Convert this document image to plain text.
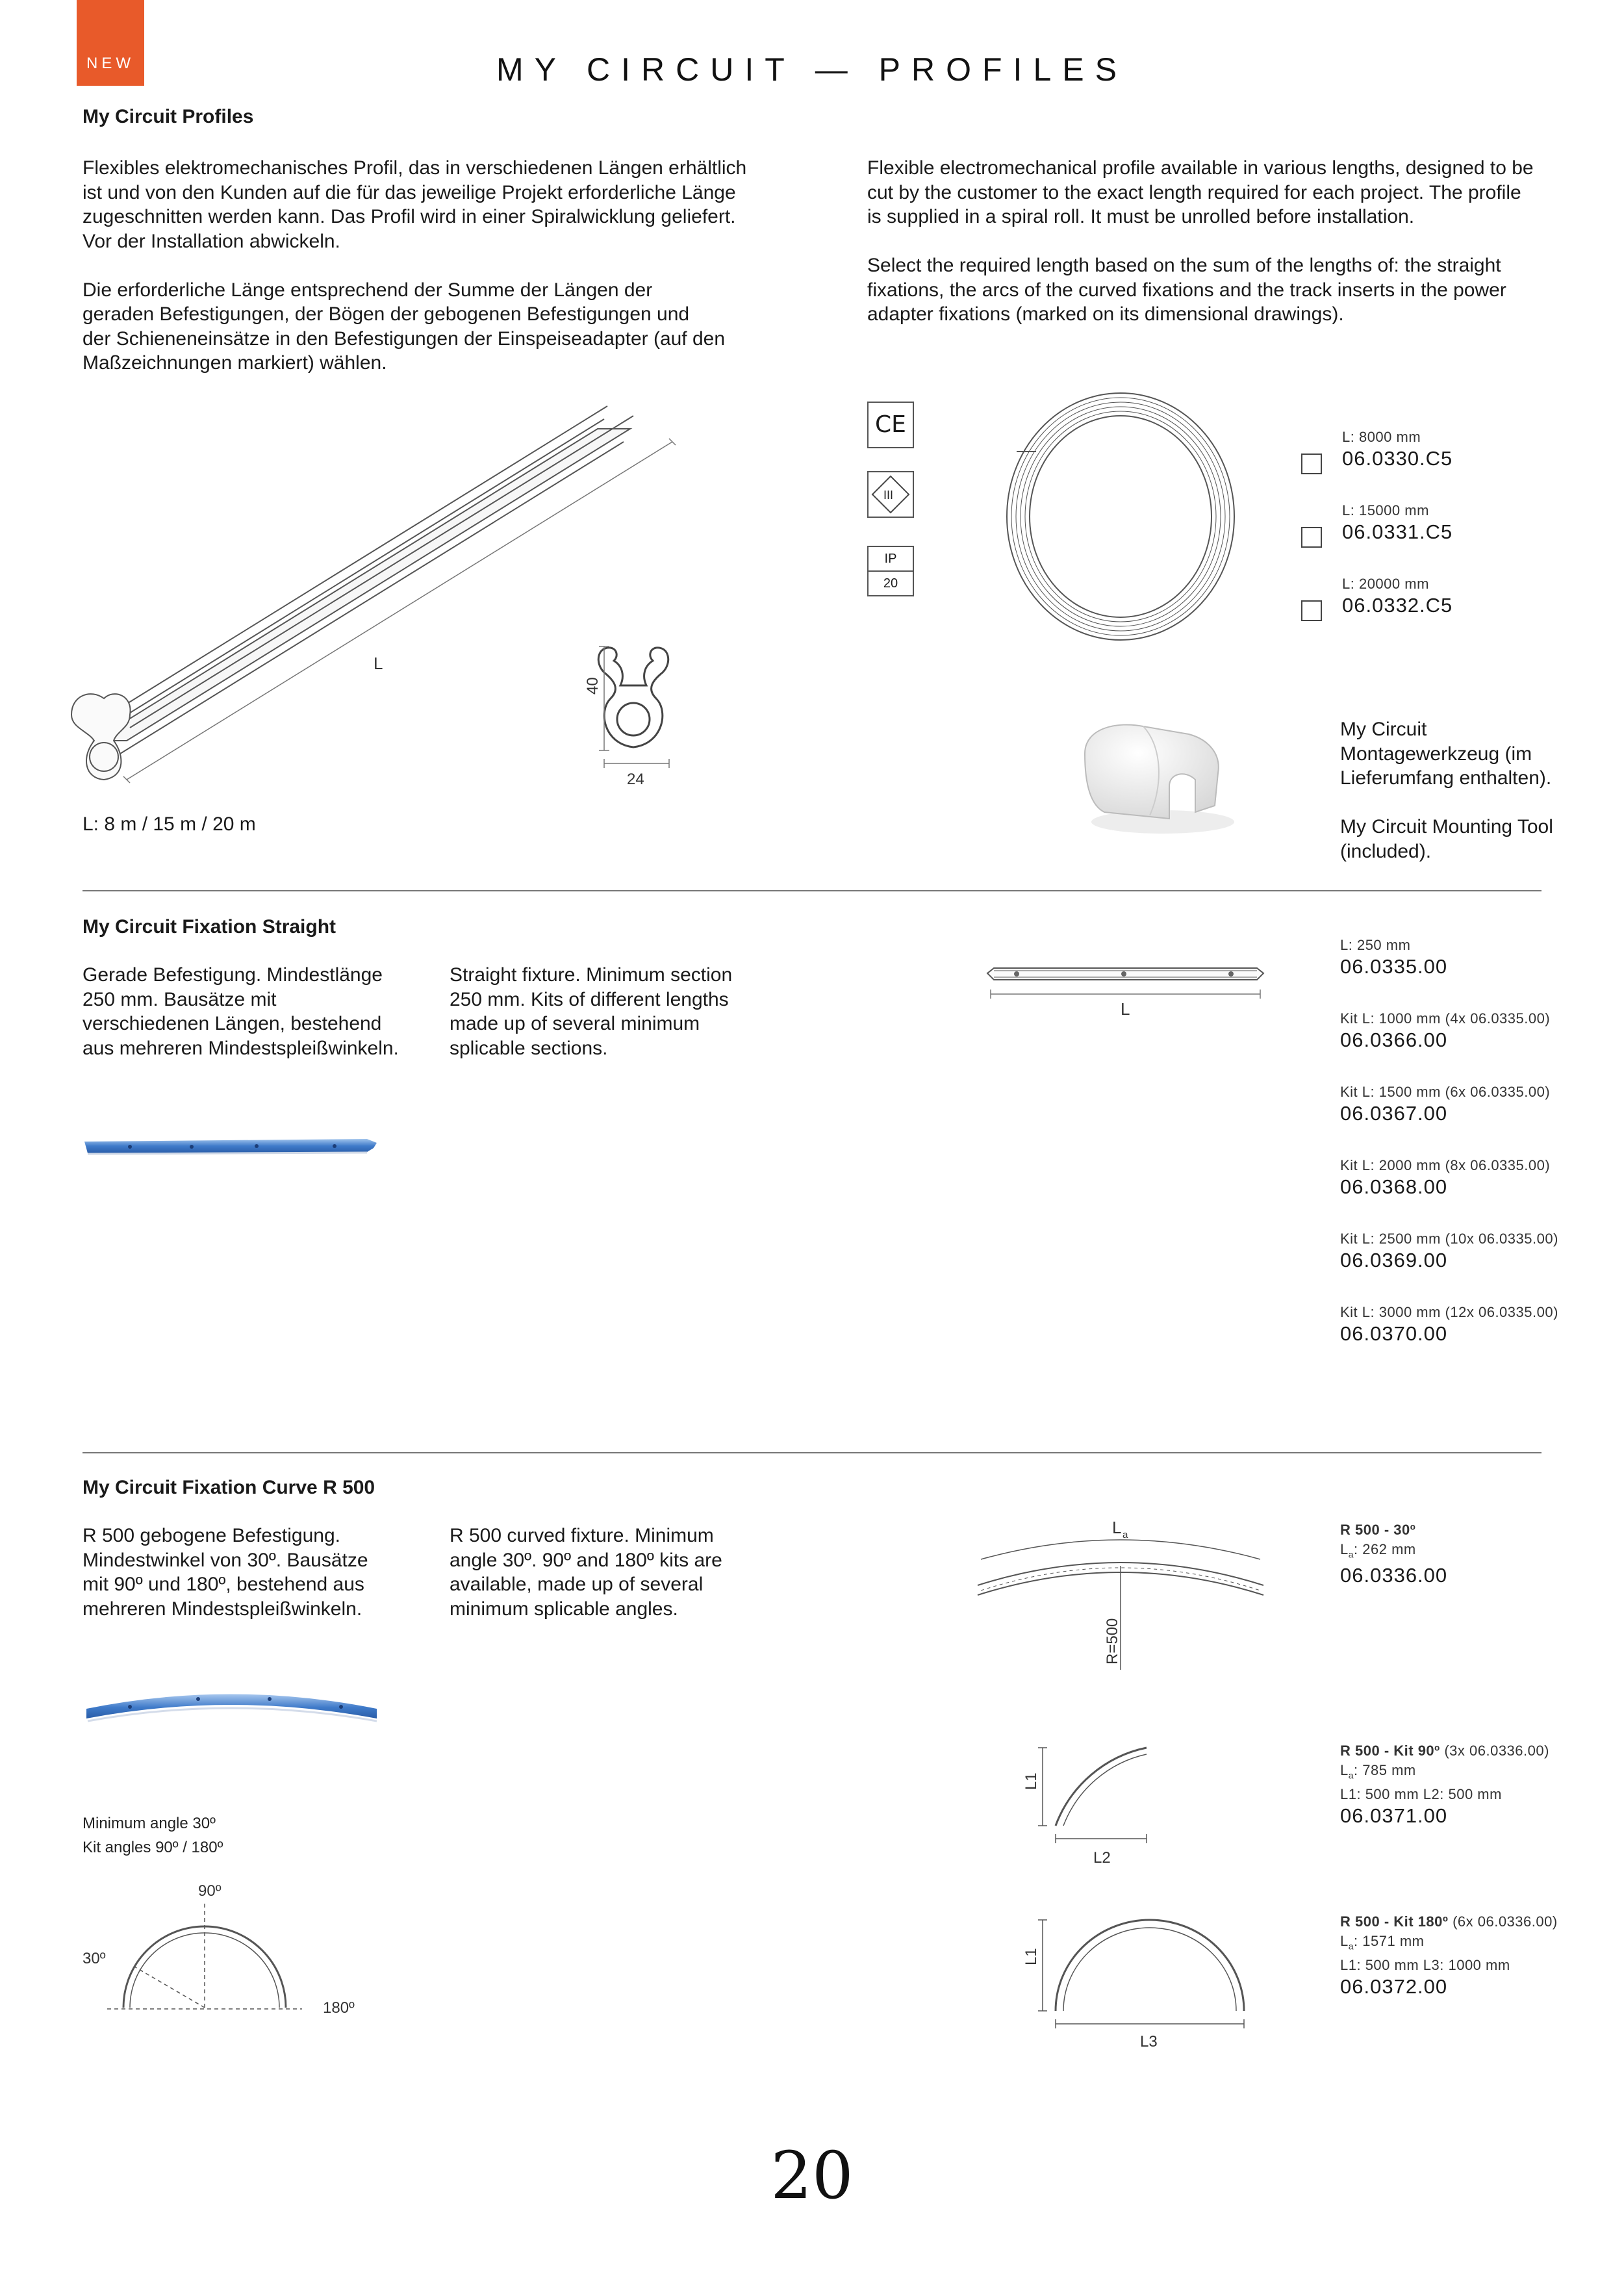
NEW	MY CIRCUIT — PROFILES
My Circuit Profiles

Flexibles elektromechanisches Profil, das in verschiedenen Längen erhältlich
ist und von den Kunden auf die für das jeweilige Projekt erforderliche Länge
zugeschnitten werden kann. Das Profil wird in einer Spiralwicklung geliefert.
Vor der Installation abwickeln.

Die erforderliche Länge entsprechend der Summe der Längen der
geraden Befestigungen, der Bögen der gebogenen Befestigungen und
der Schieneneinsätze in den Befestigungen der Einspeiseadapter (auf den
Maßzeichnungen markiert) wählen.

Flexible electromechanical profile available in various lengths, designed to be
cut by the customer to the exact length required for each project. The profile
is supplied in a spiral roll. It must be unrolled before installation.

Select the required length based on the sum of the lengths of: the straight
fixations, the arcs of the curved fixations and the track inserts in the power
adapter fixations (marked on its dimensional drawings).

L
40
24
L: 8 m / 15 m / 20 m
CE
III
IP
20
L: 8000 mm
06.0330.C5
L: 15000 mm
06.0331.C5
L: 20000 mm
06.0332.C5

My Circuit
Montagewerkzeug (im
Lieferumfang enthalten).

My Circuit Mounting Tool
(included).

My Circuit Fixation Straight

Gerade Befestigung. Mindestlänge
250 mm. Bausätze mit
verschiedenen Längen, bestehend
aus mehreren Mindestspleißwinkeln.

Straight fixture. Minimum section
250 mm. Kits of different lengths
made up of several minimum
splicable sections.

L
L: 250 mm
06.0335.00
Kit L: 1000 mm (4x 06.0335.00)
06.0366.00
Kit L: 1500 mm (6x 06.0335.00)
06.0367.00
Kit L: 2000 mm (8x 06.0335.00)
06.0368.00
Kit L: 2500 mm (10x 06.0335.00)
06.0369.00
Kit L: 3000 mm (12x 06.0335.00)
06.0370.00
My Circuit Fixation Curve R 500

R 500 gebogene Befestigung.
Mindestwinkel von 30º. Bausätze
mit 90º und 180º, bestehend aus
mehreren Mindestspleißwinkeln.

R 500 curved fixture. Minimum
angle 30º. 90º and 180º kits are
available, made up of several
minimum splicable angles.

Minimum angle 30º
Kit angles 90º / 180º

90º
30º
180º
L a
R=500
L1
L2
L1
L3
R 500 - 30º
$L_a$: 262 mm
06.0336.00
R 500 - Kit 90º (3x 06.0336.00)
$L_a$: 785 mm
L1: 500 mm L2: 500 mm
06.0371.00
R 500 - Kit 180º (6x 06.0336.00)
$L_a$: 1571 mm
L1: 500 mm L3: 1000 mm
06.0372.00
20
